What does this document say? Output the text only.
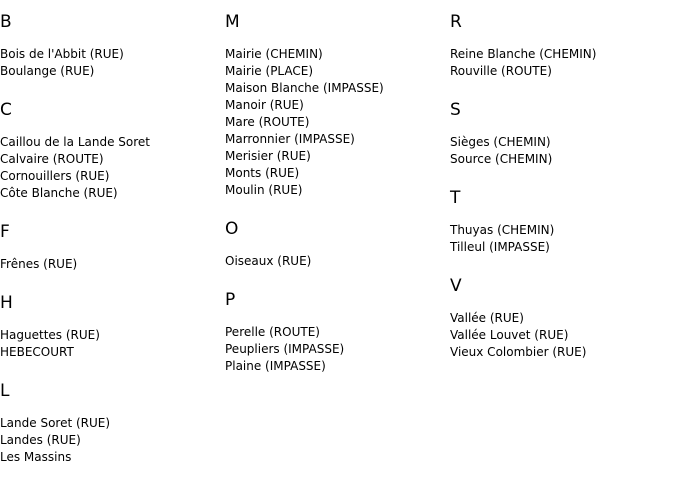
B
Bois de l'Abbit (RUE)
Boulange (RUE)
C
Caillou de la Lande Soret
Calvaire (ROUTE)
Cornouillers (RUE)
Côte Blanche (RUE)
F
Frênes (RUE)
H
Haguettes (RUE)
HEBECOURT
L
Lande Soret (RUE)
Landes (RUE)
Les Massins
M
Mairie (CHEMIN)
Mairie (PLACE)
Maison Blanche (IMPASSE)
Manoir (RUE)
Mare (ROUTE)
Marronnier (IMPASSE)
Merisier (RUE)
Monts (RUE)
Moulin (RUE)
O
Oiseaux (RUE)
P
Perelle (ROUTE)
Peupliers (IMPASSE)
Plaine (IMPASSE)
R
Reine Blanche (CHEMIN)
Rouville (ROUTE)
S
Sièges (CHEMIN)
Source (CHEMIN)
T
Thuyas (CHEMIN)
Tilleul (IMPASSE)
V
Vallée (RUE)
Vallée Louvet (RUE)
Vieux Colombier (RUE)
